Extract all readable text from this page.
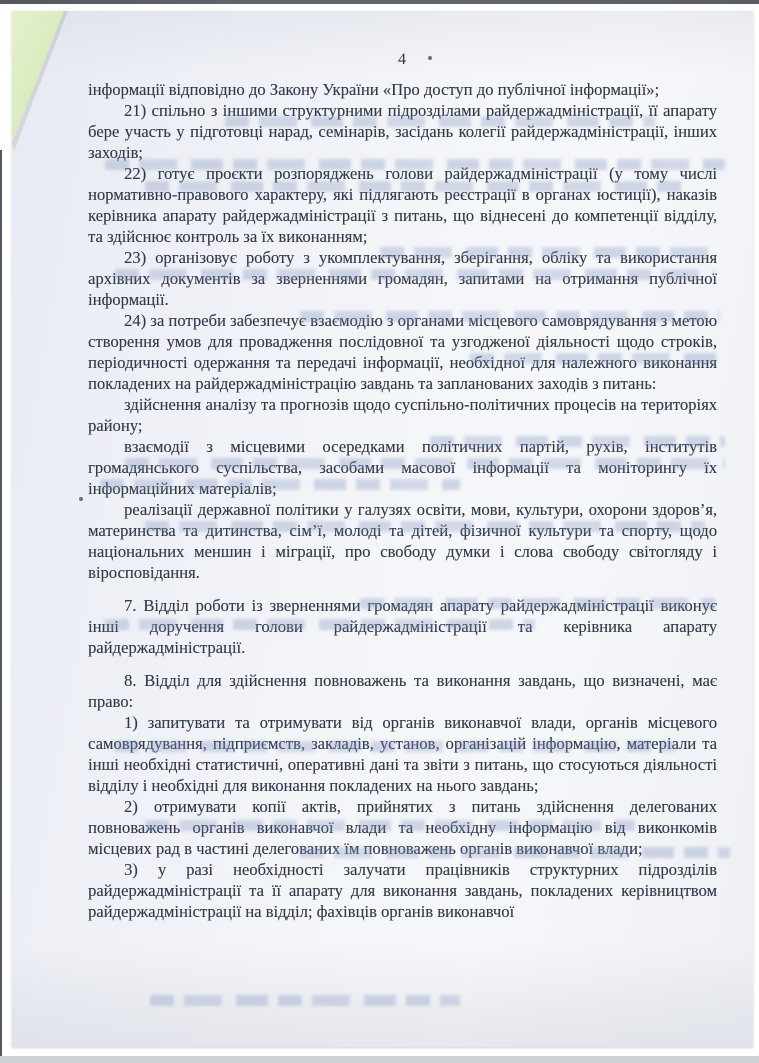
4

інформації відповідно до Закону України «Про доступ до публічної інформації»;

21) спільно з іншими структурними підрозділами райдержадміністрації, її апарату бере участь у підготовці нарад, семінарів, засідань колегії райдержадміністрації, інших заходів;

22) готує проєкти розпоряджень голови райдержадміністрації (у тому числі нормативно-правового характеру, які підлягають реєстрації в органах юстиції), наказів керівника апарату райдержадміністрації з питань, що віднесені до компетенції відділу, та здійснює контроль за їх виконанням;

23) організовує роботу з укомплектування, зберігання, обліку та використання архівних документів за зверненнями громадян, запитами на отримання публічної інформації.

24) за потреби забезпечує взаємодію з органами місцевого самоврядування з метою створення умов для провадження послідовної та узгодженої діяльності щодо строків, періодичності одержання та передачі інформації, необхідної для належного виконання покладених на райдержадміністрацію завдань та запланованих заходів з питань:

здійснення аналізу та прогнозів щодо суспільно-політичних процесів на територіях району;

взаємодії з місцевими осередками політичних партій, рухів, інститутів громадянського суспільства, засобами масової інформації та моніторингу їх інформаційних матеріалів;

реалізації державної політики у галузях освіти, мови, культури, охорони здоров’я, материнства та дитинства, сім’ї, молоді та дітей, фізичної культури та спорту, щодо національних меншин і міграції, про свободу думки і слова свободу світогляду і віросповідання.

7. Відділ роботи із зверненнями громадян апарату райдержадміністрації виконує інші доручення голови райдержадміністрації та керівника апарату райдержадміністрації.

8. Відділ для здійснення повноважень та виконання завдань, що визначені, має право:

1) запитувати та отримувати від органів виконавчої влади, органів місцевого самоврядування, підприємств, закладів, установ, організацій інформацію, матеріали та інші необхідні статистичні, оперативні дані та звіти з питань, що стосуються діяльності відділу і необхідні для виконання покладених на нього завдань;

2) отримувати копії актів, прийнятих з питань здійснення делегованих повноважень органів виконавчої влади та необхідну інформацію від виконкомів місцевих рад в частині делегованих їм повноважень органів виконавчої влади;

3) у разі необхідності залучати працівників структурних підрозділів райдержадміністрації та її апарату для виконання завдань, покладених керівництвом райдержадміністрації на відділ; фахівців органів виконавчої
